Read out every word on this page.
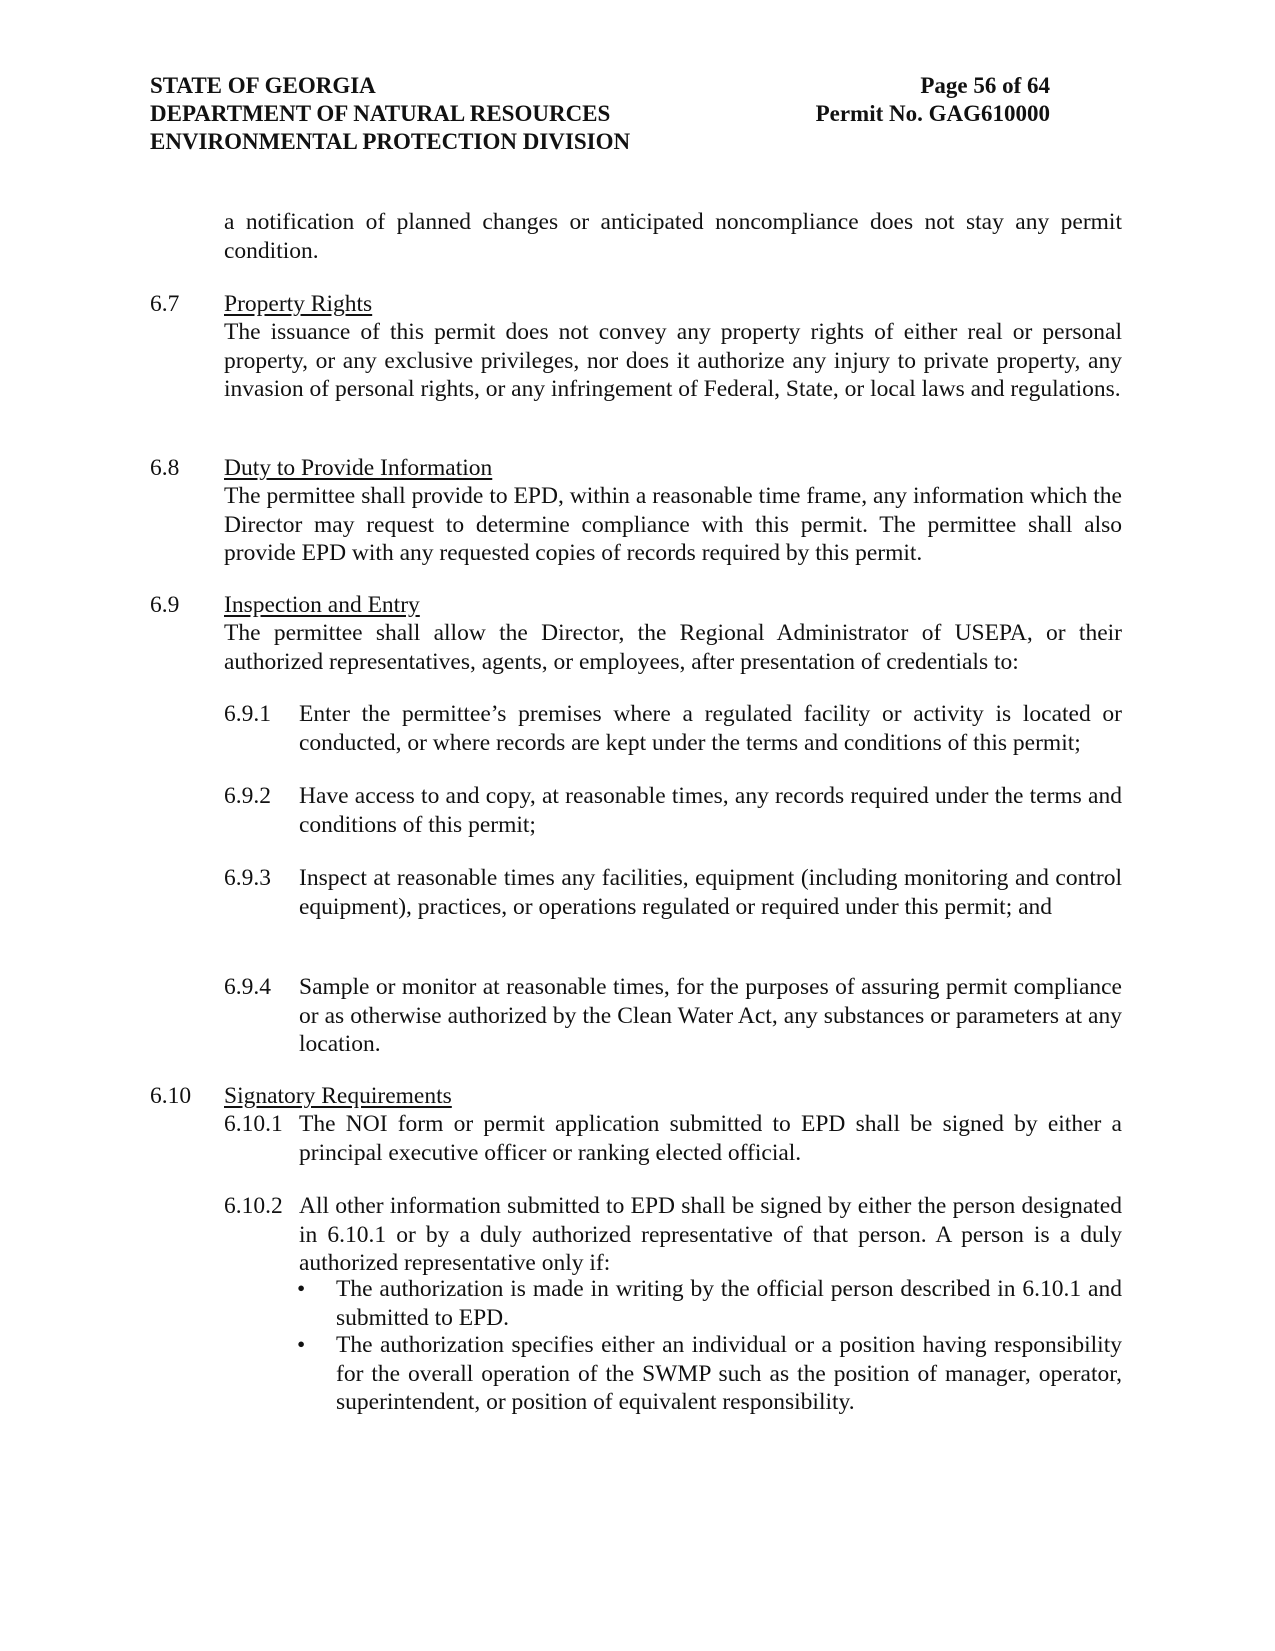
STATE OF GEORGIA
DEPARTMENT OF NATURAL RESOURCES
ENVIRONMENTAL PROTECTION DIVISION
Page 56 of 64
Permit No. GAG610000
a notification of planned changes or anticipated noncompliance does not stay any permit condition.
6.7 Property Rights
The issuance of this permit does not convey any property rights of either real or personal property, or any exclusive privileges, nor does it authorize any injury to private property, any invasion of personal rights, or any infringement of Federal, State, or local laws and regulations.
6.8 Duty to Provide Information
The permittee shall provide to EPD, within a reasonable time frame, any information which the Director may request to determine compliance with this permit. The permittee shall also provide EPD with any requested copies of records required by this permit.
6.9 Inspection and Entry
The permittee shall allow the Director, the Regional Administrator of USEPA, or their authorized representatives, agents, or employees, after presentation of credentials to:
6.9.1 Enter the permittee’s premises where a regulated facility or activity is located or conducted, or where records are kept under the terms and conditions of this permit;
6.9.2 Have access to and copy, at reasonable times, any records required under the terms and conditions of this permit;
6.9.3 Inspect at reasonable times any facilities, equipment (including monitoring and control equipment), practices, or operations regulated or required under this permit; and
6.9.4 Sample or monitor at reasonable times, for the purposes of assuring permit compliance or as otherwise authorized by the Clean Water Act, any substances or parameters at any location.
6.10 Signatory Requirements
6.10.1 The NOI form or permit application submitted to EPD shall be signed by either a principal executive officer or ranking elected official.
6.10.2 All other information submitted to EPD shall be signed by either the person designated in 6.10.1 or by a duly authorized representative of that person. A person is a duly authorized representative only if:
• The authorization is made in writing by the official person described in 6.10.1 and submitted to EPD.
• The authorization specifies either an individual or a position having responsibility for the overall operation of the SWMP such as the position of manager, operator, superintendent, or position of equivalent responsibility.
